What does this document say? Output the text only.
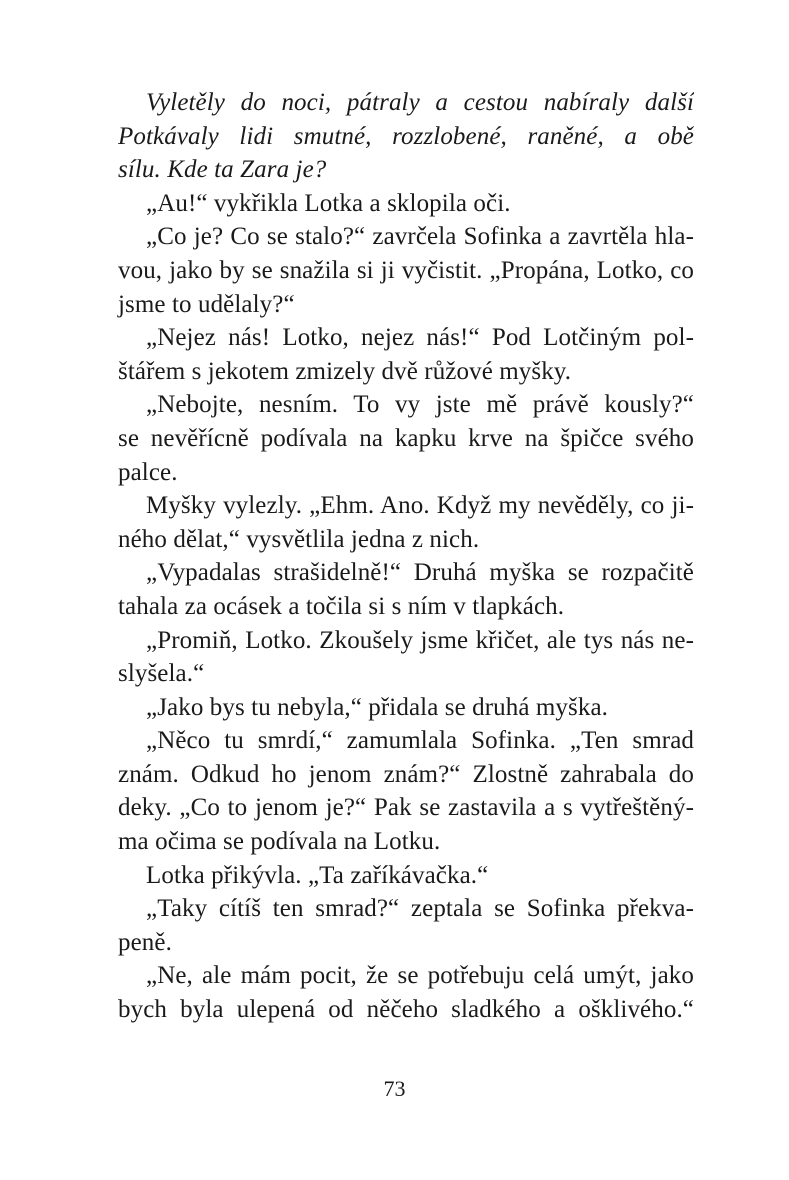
Vyletěly do noci, pátraly a cestou nabíraly další
Potkávaly lidi smutné, rozzlobené, raněné, a obě
sílu. Kde ta Zara je?
„Au!“ vykřikla Lotka a sklopila oči.
„Co je? Co se stalo?“ zavrčela Sofinka a zavrtěla hla-
vou, jako by se snažila si ji vyčistit. „Propána, Lotko, co
jsme to udělaly?“
„Nejez nás! Lotko, nejez nás!“ Pod Lotčiným pol-
štářem s jekotem zmizely dvě růžové myšky.
„Nebojte, nesním. To vy jste mě právě kously?“
se nevěřícně podívala na kapku krve na špičce svého
palce.
Myšky vylezly. „Ehm. Ano. Když my nevěděly, co ji-
ného dělat,“ vysvětlila jedna z nich.
„Vypadalas strašidelně!“ Druhá myška se rozpačitě
tahala za ocásek a točila si s ním v tlapkách.
„Promiň, Lotko. Zkoušely jsme křičet, ale tys nás ne-
slyšela.“
„Jako bys tu nebyla,“ přidala se druhá myška.
„Něco tu smrdí,“ zamumlala Sofinka. „Ten smrad
znám. Odkud ho jenom znám?“ Zlostně zahrabala do
deky. „Co to jenom je?“ Pak se zastavila a s vytřeštěný-
ma očima se podívala na Lotku.
Lotka přikývla. „Ta zaříkávačka.“
„Taky cítíš ten smrad?“ zeptala se Sofinka překva-
peně.
„Ne, ale mám pocit, že se potřebuju celá umýt, jako
bych byla ulepená od něčeho sladkého a ošklivého.“
73
